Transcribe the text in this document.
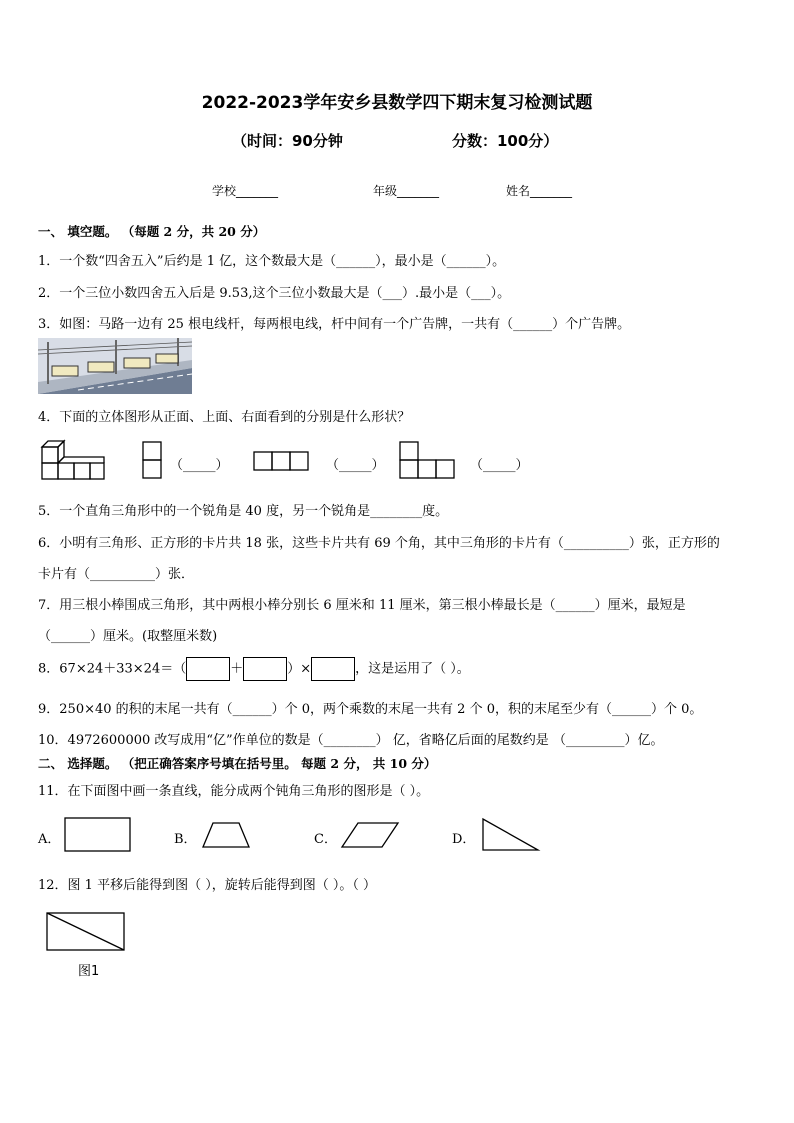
2022-2023学年安乡县数学四下期末复习检测试题
（时间：90分钟	分数：100分）
学校_______	年级_______	姓名_______
一、 填空题。 （每题 2 分，共 20 分）
1．一个数“四舍五入”后约是 1 亿，这个数最大是（______），最小是（______）。
2．一个三位小数四舍五入后是 9.53,这个三位小数最大是（___）.最小是（___）。
3．如图：马路一边有 25 根电线杆，每两根电线，杆中间有一个广告牌，一共有（______）个广告牌。
4．下面的立体图形从正面、上面、右面看到的分别是什么形状？
（_____）	（_____）	（_____）
5．一个直角三角形中的一个锐角是 40 度，另一个锐角是________度。
6．小明有三角形、正方形的卡片共 18 张，这些卡片共有 69 个角，其中三角形的卡片有（__________）张，正方形的
卡片有（__________）张．
7．用三根小棒围成三角形，其中两根小棒分别长 6 厘米和 11 厘米，第三根小棒最长是（______）厘米，最短是
（______）厘米。(取整厘米数)
8．67×24＋33×24＝（	＋	）×	，这是运用了（ ）。
9．250×40 的积的末尾一共有（______）个 0，两个乘数的末尾一共有 2 个 0，积的末尾至少有（______）个 0。
10．4972600000 改写成用“亿”作单位的数是（________） 亿，省略亿后面的尾数约是 （_________）亿。
二、 选择题。 （把正确答案序号填在括号里。 每题 2 分， 共 10 分）
11．在下面图中画一条直线，能分成两个钝角三角形的图形是（ ）。
A．	B．	C．	D．
12．图 1 平移后能得到图（ ），旋转后能得到图（ ）。（ ）
图1
